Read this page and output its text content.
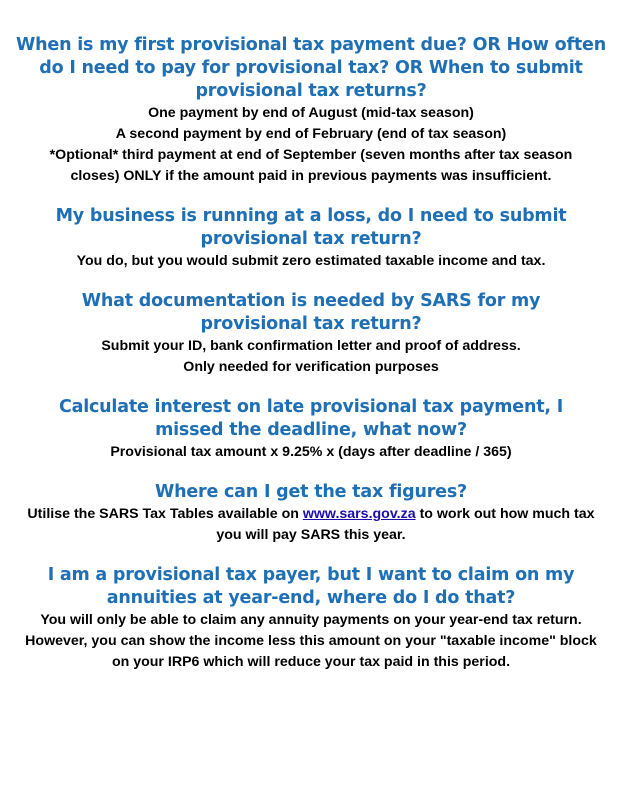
When is my first provisional tax payment due? OR How often do I need to pay for provisional tax? OR When to submit provisional tax returns?

One payment by end of August (mid-tax season)

A second payment by end of February (end of tax season)

*Optional* third payment at end of September (seven months after tax season closes) ONLY if the amount paid in previous payments was insufficient.

My business is running at a loss, do I need to submit provisional tax return?

You do, but you would submit zero estimated taxable income and tax.

What documentation is needed by SARS for my provisional tax return?

Submit your ID, bank confirmation letter and proof of address.

Only needed for verification purposes

Calculate interest on late provisional tax payment, I missed the deadline, what now?

Provisional tax amount x 9.25% x (days after deadline / 365)

Where can I get the tax figures?

Utilise the SARS Tax Tables available on www.sars.gov.za to work out how much tax you will pay SARS this year.

I am a provisional tax payer, but I want to claim on my annuities at year-end, where do I do that?

You will only be able to claim any annuity payments on your year-end tax return. However, you can show the income less this amount on your "taxable income" block on your IRP6 which will reduce your tax paid in this period.
